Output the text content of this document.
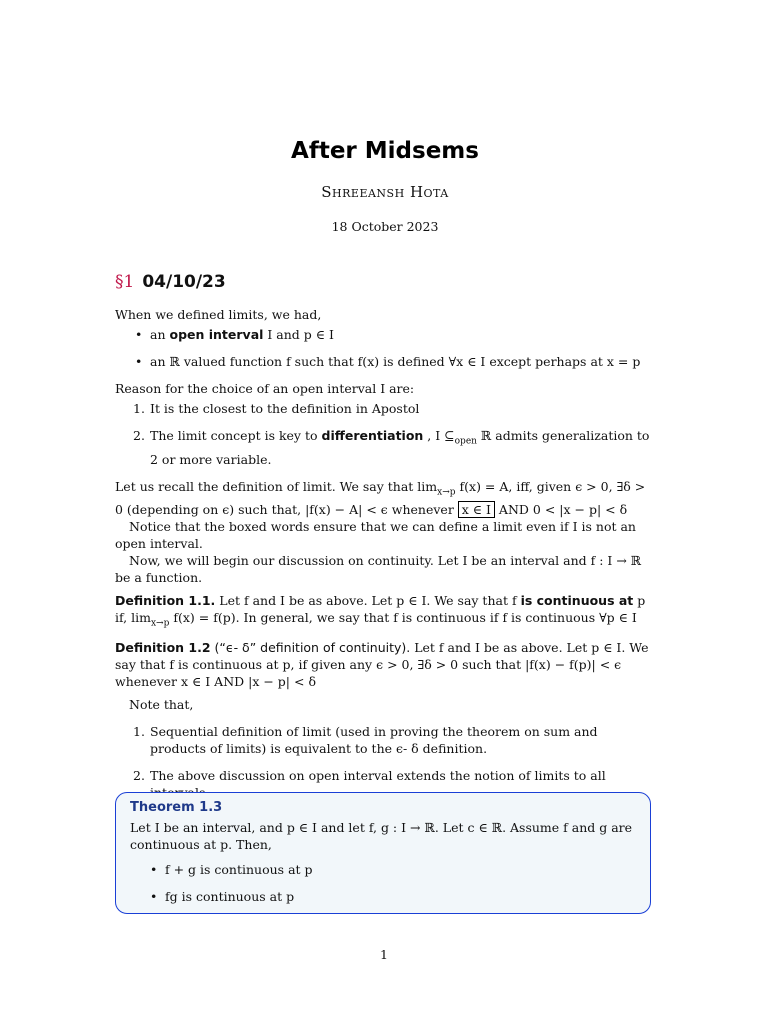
After Midsems
Shreeansh Hota
18 October 2023
§1 04/10/23

When we defined limits, we had,

• an open interval I and p ∈ I
• an ℝ valued function f such that f(x) is defined ∀x ∈ I except perhaps at x = p

Reason for the choice of an open interval I are:

1. It is the closest to the definition in Apostol
2. The limit concept is key to differentiation , I $⊆_{open}$ ℝ admits generalization to 2 or more variable.

Let us recall the definition of limit. We say that $\lim_{x\to p} f(x) = A$, iff, given ϵ > 0, ∃δ > 0 (depending on ϵ) such that, |f(x) − A| < ϵ whenever x ∈ I AND 0 < |x − p| < δ

Notice that the boxed words ensure that we can define a limit even if I is not an open interval.

Now, we will begin our discussion on continuity. Let I be an interval and f : I → ℝ be a function.

Definition 1.1. Let f and I be as above. Let p ∈ I. We say that f is continuous at p if, $\lim_{x\to p} f(x) = f(p)$. In general, we say that f is continuous if f is continuous ∀p ∈ I

Definition 1.2 (“ϵ- δ” definition of continuity). Let f and I be as above. Let p ∈ I. We say that f is continuous at p, if given any ϵ > 0, ∃δ > 0 such that |f(x) − f(p)| < ϵ whenever x ∈ I AND |x − p| < δ

Note that,

1. Sequential definition of limit (used in proving the theorem on sum and products of limits) is equivalent to the ϵ- δ definition.
2. The above discussion on open interval extends the notion of limits to all
Theorem 1.3

Let I be an interval, and p ∈ I and let f, g : I → ℝ. Let c ∈ ℝ. Assume f and g are continuous at p. Then,

• f + g is continuous at p
• fg is continuous at p
1
